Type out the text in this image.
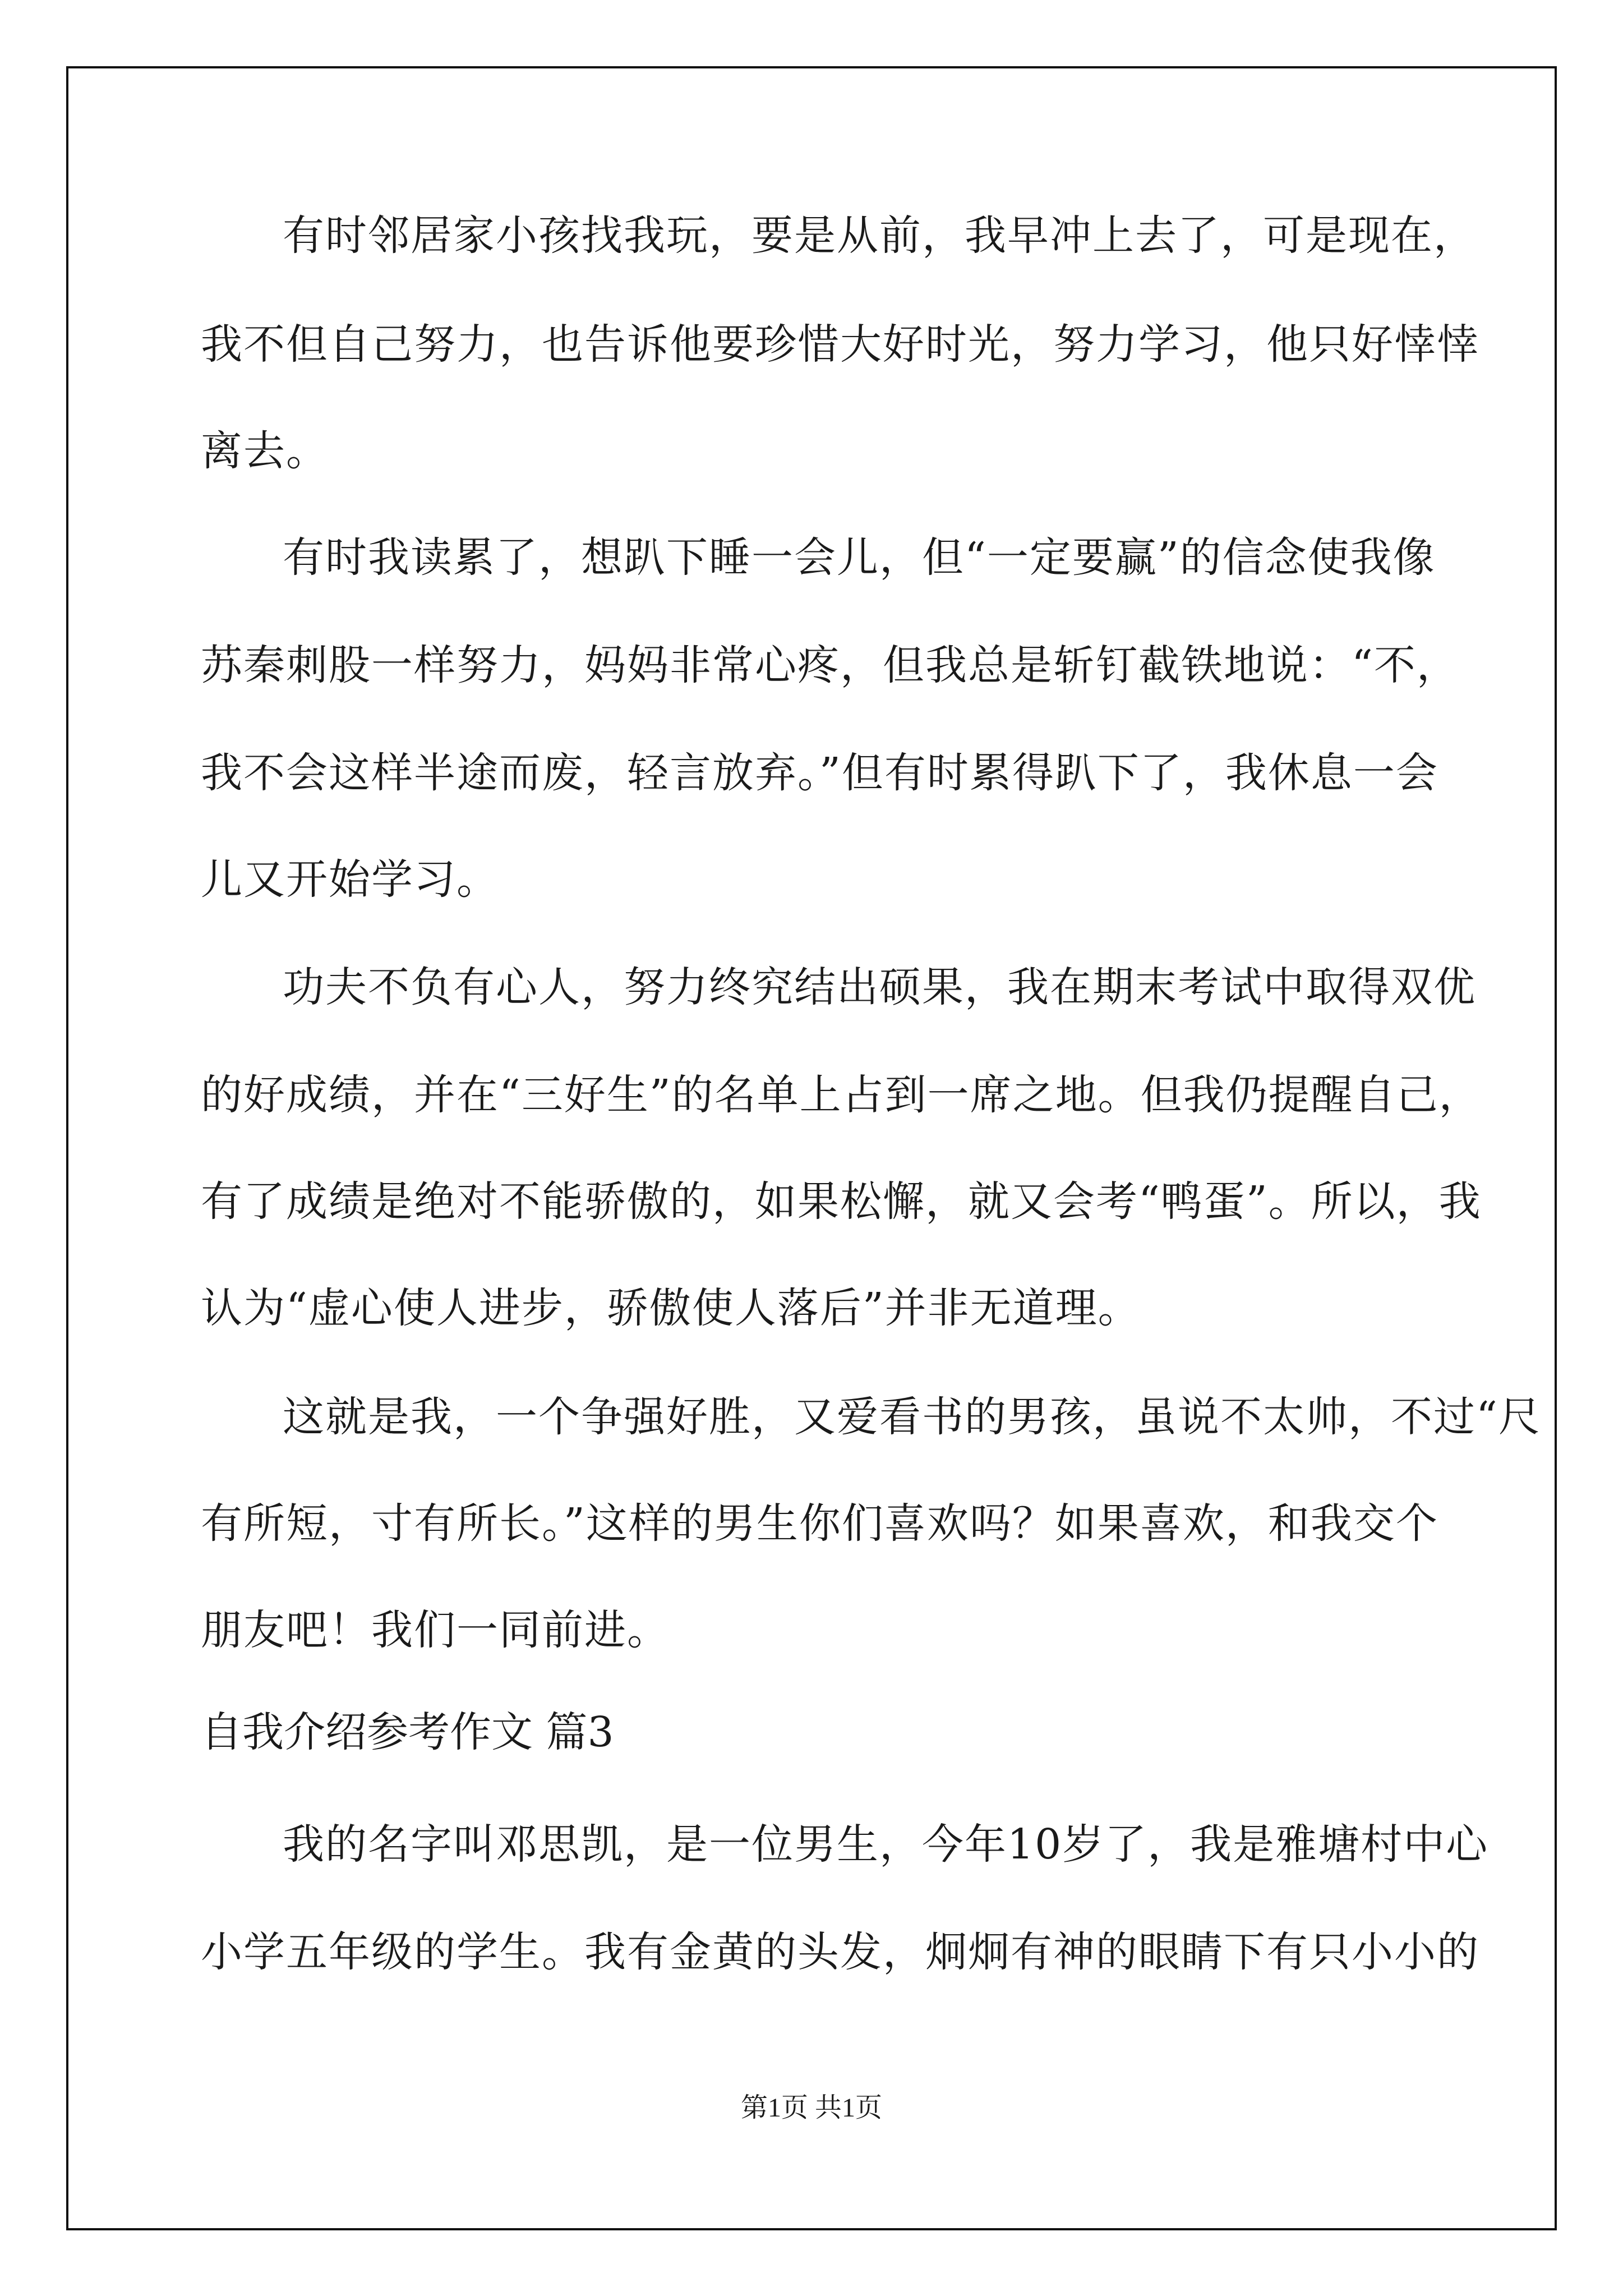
有时邻居家小孩找我玩，要是从前，我早冲上去了，可是现在，
我不但自己努力，也告诉他要珍惜大好时光，努力学习，他只好悻悻
离去。
有时我读累了，想趴下睡一会儿，但“一定要赢”的信念使我像
苏秦刺股一样努力，妈妈非常心疼，但我总是斩钉截铁地说：“不，
我不会这样半途而废，轻言放弃。”但有时累得趴下了，我休息一会
儿又开始学习。
功夫不负有心人，努力终究结出硕果，我在期末考试中取得双优
的好成绩，并在“三好生”的名单上占到一席之地。但我仍提醒自己，
有了成绩是绝对不能骄傲的，如果松懈，就又会考“鸭蛋”。所以，我
认为“虚心使人进步，骄傲使人落后”并非无道理。
这就是我，一个争强好胜，又爱看书的男孩，虽说不太帅，不过“尺
有所短，寸有所长。”这样的男生你们喜欢吗？如果喜欢，和我交个
朋友吧！我们一同前进。
自我介绍参考作文 篇3
我的名字叫邓思凯，是一位男生，今年10岁了，我是雅塘村中心
小学五年级的学生。我有金黄的头发，炯炯有神的眼睛下有只小小的
第1页 共1页
